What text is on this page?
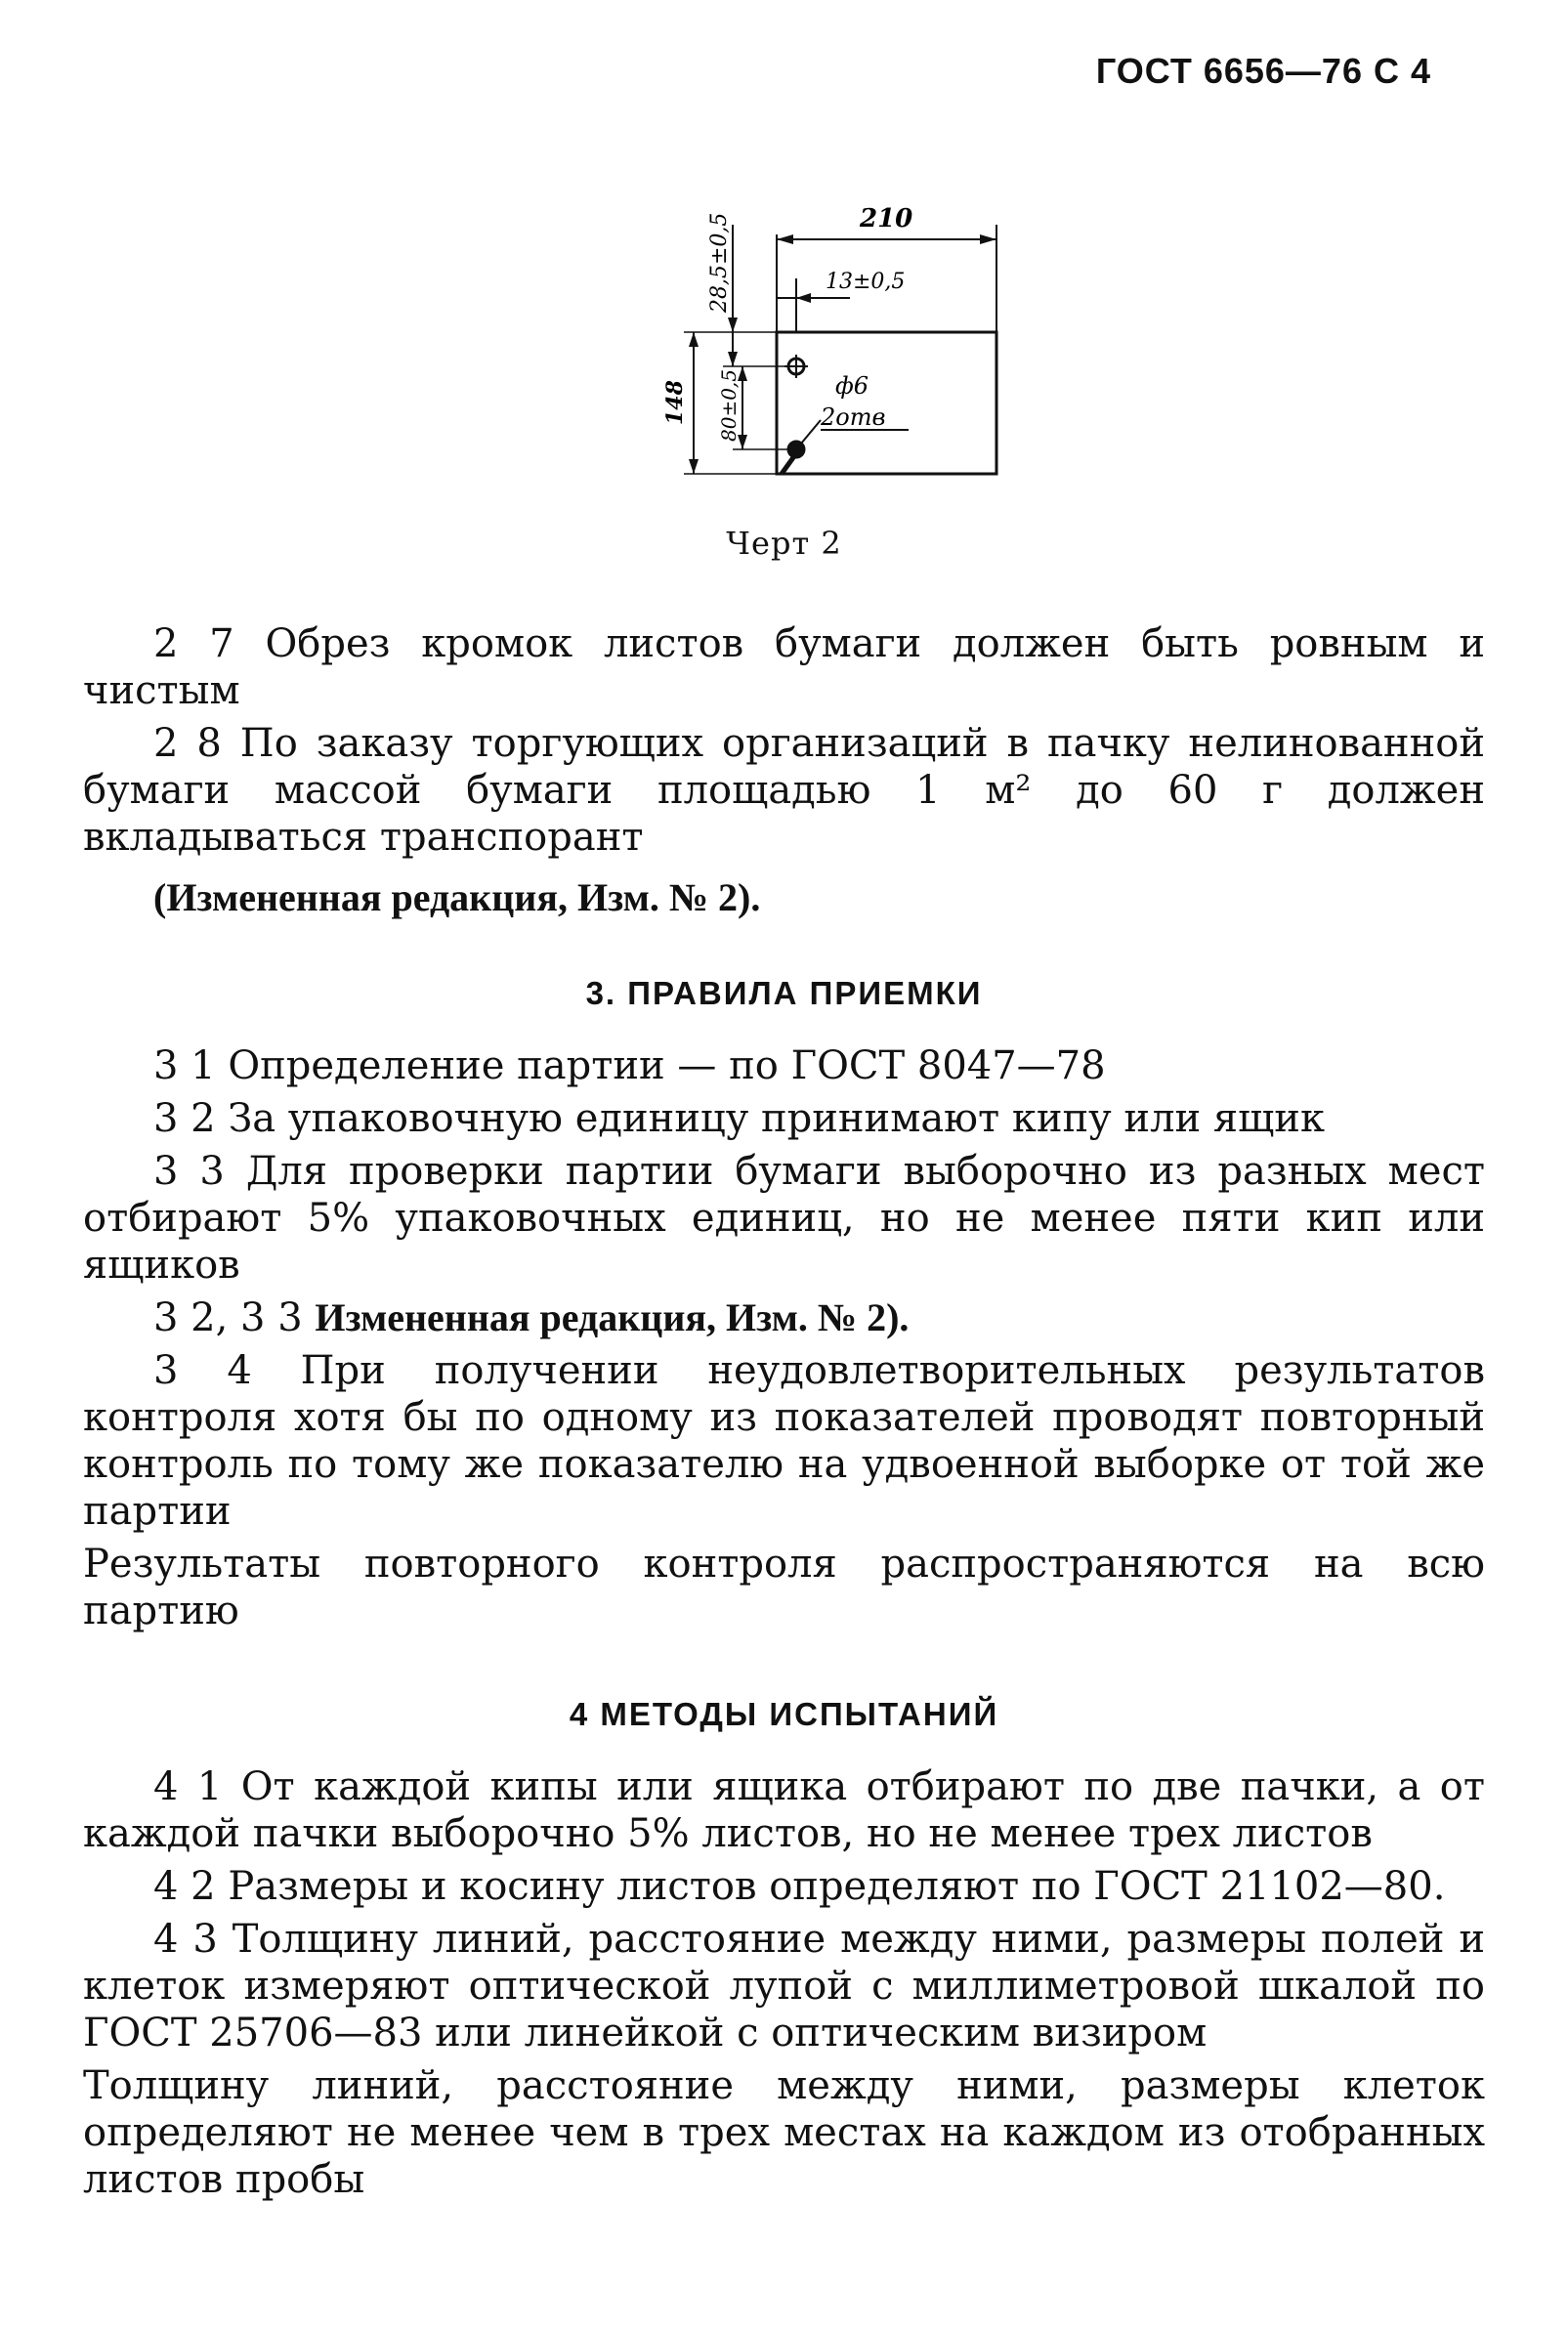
ГОСТ 6656—76 С 4
210
13±0,5
28,5±0,5
148 80±0,5	ф6
2отв
Черт 2

2 7 Обрез кромок листов бумаги должен быть ровным и чистым

2 8 По заказу торгующих организаций в пачку нелинованной бумаги массой бумаги площадью 1 м² до 60 г должен вкладываться транспорант

(Измененная редакция, Изм. № 2).

3. ПРАВИЛА ПРИЕМКИ

3 1 Определение партии — по ГОСТ 8047—78

3 2 За упаковочную единицу принимают кипу или ящик

3 3 Для проверки партии бумаги выборочно из разных мест отбирают 5% упаковочных единиц, но не менее пяти кип или ящиков

3 2, 3 3 Измененная редакция, Изм. № 2).

3 4 При получении неудовлетворительных результатов контроля хотя бы по одному из показателей проводят повторный контроль по тому же показателю на удвоенной выборке от той же партии

Результаты повторного контроля распространяются на всю партию

4 МЕТОДЫ ИСПЫТАНИЙ

4 1 От каждой кипы или ящика отбирают по две пачки, а от каждой пачки выборочно 5% листов, но не менее трех листов

4 2 Размеры и косину листов определяют по ГОСТ 21102—80.

4 3 Толщину линий, расстояние между ними, размеры полей и клеток измеряют оптической лупой с миллиметровой шкалой по ГОСТ 25706—83 или линейкой с оптическим визиром

Толщину линий, расстояние между ними, размеры клеток определяют не менее чем в трех местах на каждом из отобранных листов пробы
